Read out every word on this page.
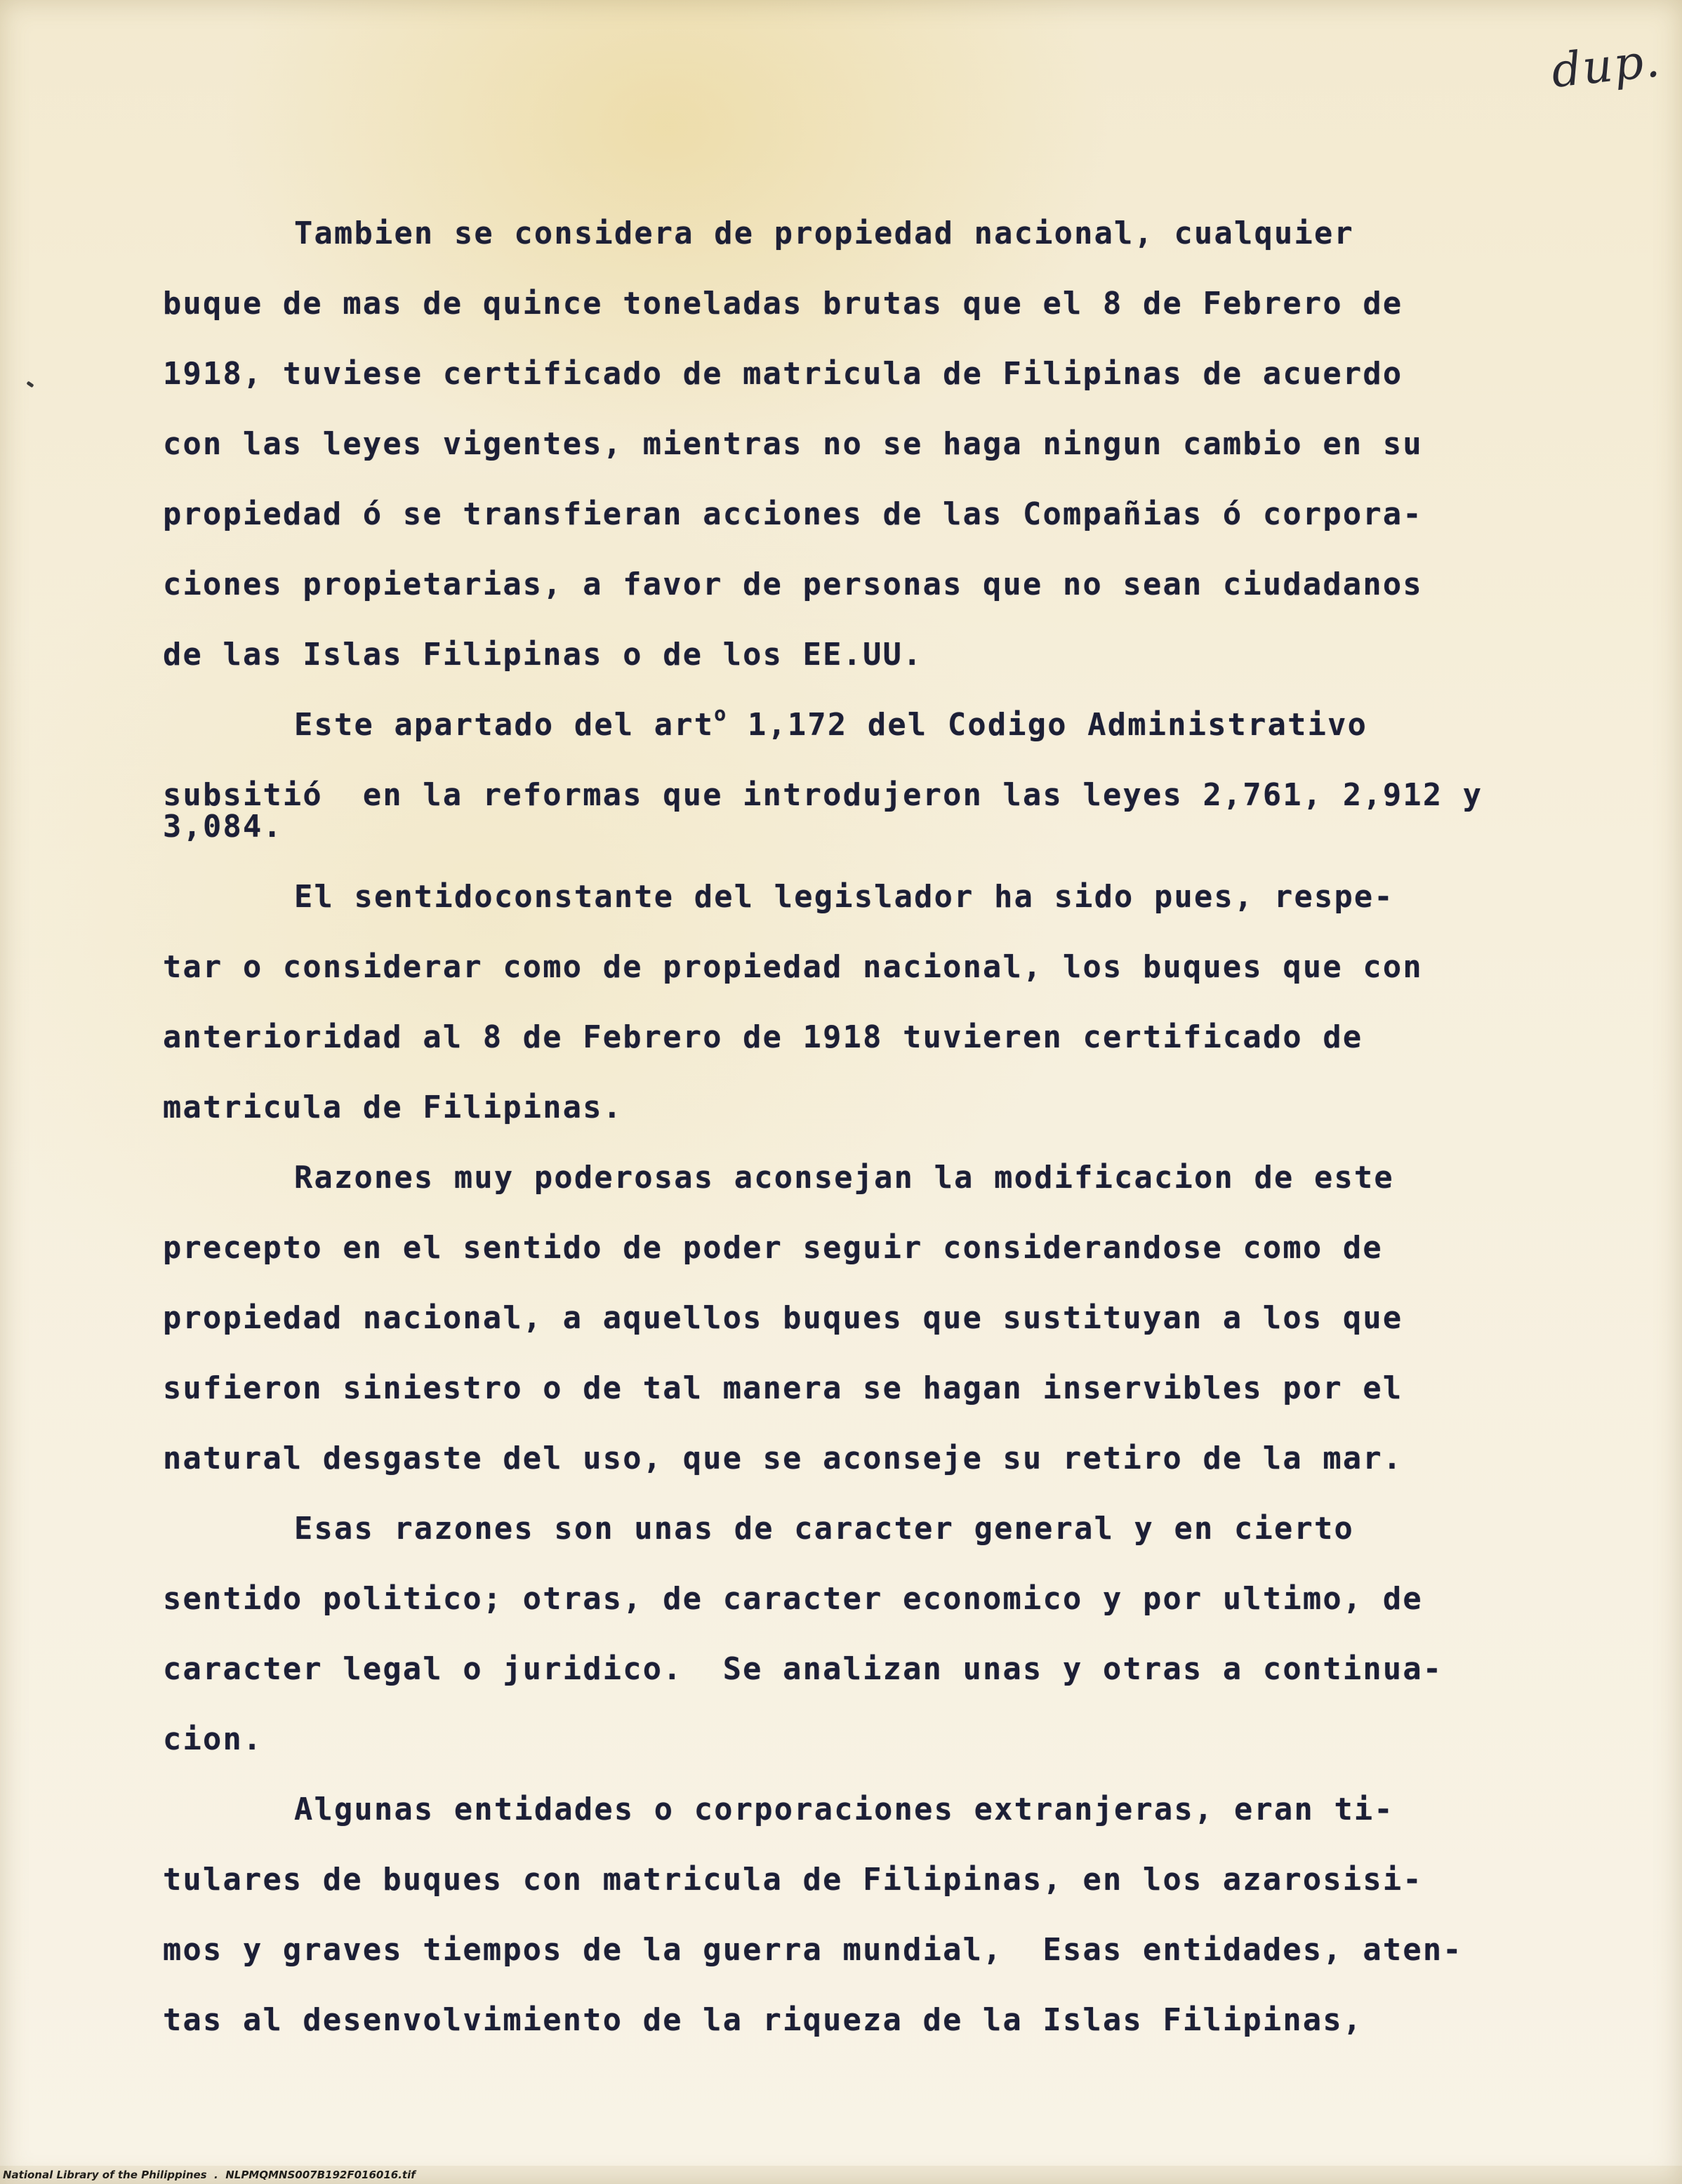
dup.
Tambien se considera de propiedad nacional, cualquier
buque de mas de quince toneladas brutas que el 8 de Febrero de
1918, tuviese certificado de matricula de Filipinas de acuerdo
con las leyes vigentes, mientras no se haga ningun cambio en su
propiedad ó se transfieran acciones de las Compañias ó corpora-
ciones propietarias, a favor de personas que no sean ciudadanos
de las Islas Filipinas o de los EE.UU.
Este apartado del art$^o$ 1,172 del Codigo Administrativo
subsitió  en la reformas que introdujeron las leyes 2,761, 2,912 y
3,084.
El sentidoconstante del legislador ha sido pues, respe-
tar o considerar como de propiedad nacional, los buques que con
anterioridad al 8 de Febrero de 1918 tuvieren certificado de
matricula de Filipinas.
Razones muy poderosas aconsejan la modificacion de este
precepto en el sentido de poder seguir considerandose como de
propiedad nacional, a aquellos buques que sustituyan a los que
sufieron siniestro o de tal manera se hagan inservibles por el
natural desgaste del uso, que se aconseje su retiro de la mar.
Esas razones son unas de caracter general y en cierto
sentido politico; otras, de caracter economico y por ultimo, de
caracter legal o juridico.  Se analizan unas y otras a continua-
cion.
Algunas entidades o corporaciones extranjeras, eran ti-
tulares de buques con matricula de Filipinas, en los azarosisi-
mos y graves tiempos de la guerra mundial,  Esas entidades, aten-
tas al desenvolvimiento de la riqueza de la Islas Filipinas,
National Library of the Philippines  .  NLPMQMNS007B192F016016.tif
